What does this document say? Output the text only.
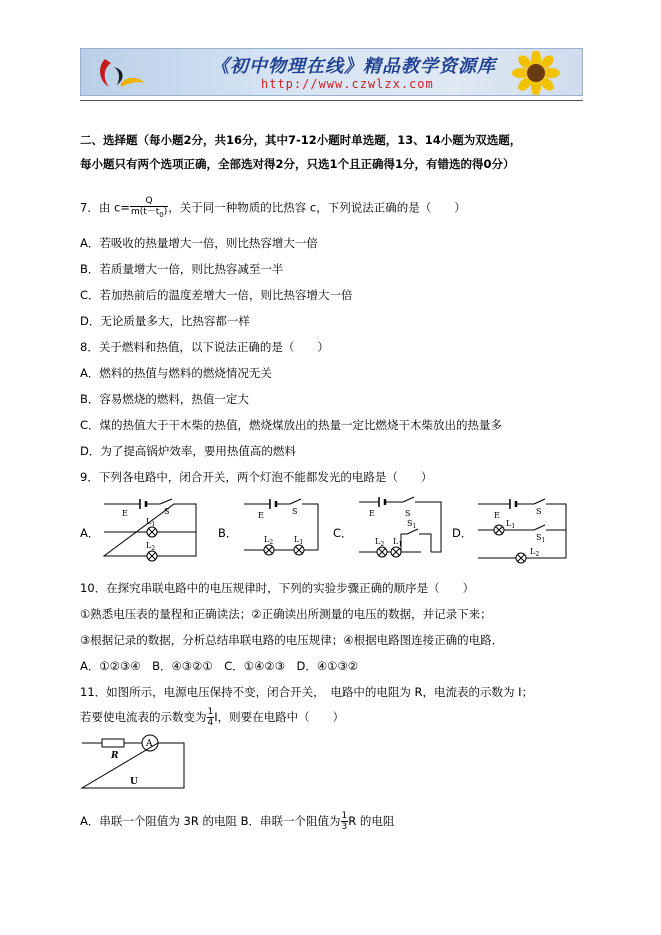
《初中物理在线》精品教学资源库
http://www.czwlzx.com
二、选择题（每小题2分，共16分，其中7-12小题时单选题，13、14小题为双选题，
每小题只有两个选项正确，全部选对得2分，只选1个且正确得1分，有错选的得0分）
7．由 $c= \frac{Q}{m(t-t_0)}$ ，关于同一种物质的比热容 c，下列说法正确的是（　　）
A．若吸收的热量增大一倍，则比热容增大一倍
B．若质量增大一倍，则比热容减至一半
C．若加热前后的温度差增大一倍，则比热容增大一倍
D．无论质量多大，比热容都一样
8．关于燃料和热值，以下说法正确的是（　　）
A．燃料的热值与燃料的燃烧情况无关
B．容易燃烧的燃料，热值一定大
C．煤的热值大于干木柴的热值，燃烧煤放出的热量一定比燃烧干木柴放出的热量多
D．为了提高锅炉效率，要用热值高的燃料
9．下列各电路中，闭合开关，两个灯泡不能都发光的电路是（　　）
A．	B．	C．	D．
E	S
$L_1$
$L_2$
E	S
$L_2$	$L_1$
E	S
$S_1$
$L_2$ $L_1$
E	S
$S_1$
$L_1$
$L_2$
10．在探究串联电路中的电压规律时，下列的实验步骤正确的顺序是（　　）
①熟悉电压表的量程和正确读法；②正确读出所测量的电压的数据，并记录下来；
③根据记录的数据，分析总结串联电路的电压规律；④根据电路图连接正确的电路．
A．①②③④　B．④③②①　C．①④②③　D．④①③②
11．如图所示，电源电压保持不变，闭合开关，　电路中的电阻为 R，电流表的示数为 I；
若要使电流表的示数变为 $\frac{1}{4}$ I，则要在电路中（　　）
R
A
U
A．串联一个阻值为 3R 的电阻 B．串联一个阻值为 $\frac{1}{3}$ R 的电阻
